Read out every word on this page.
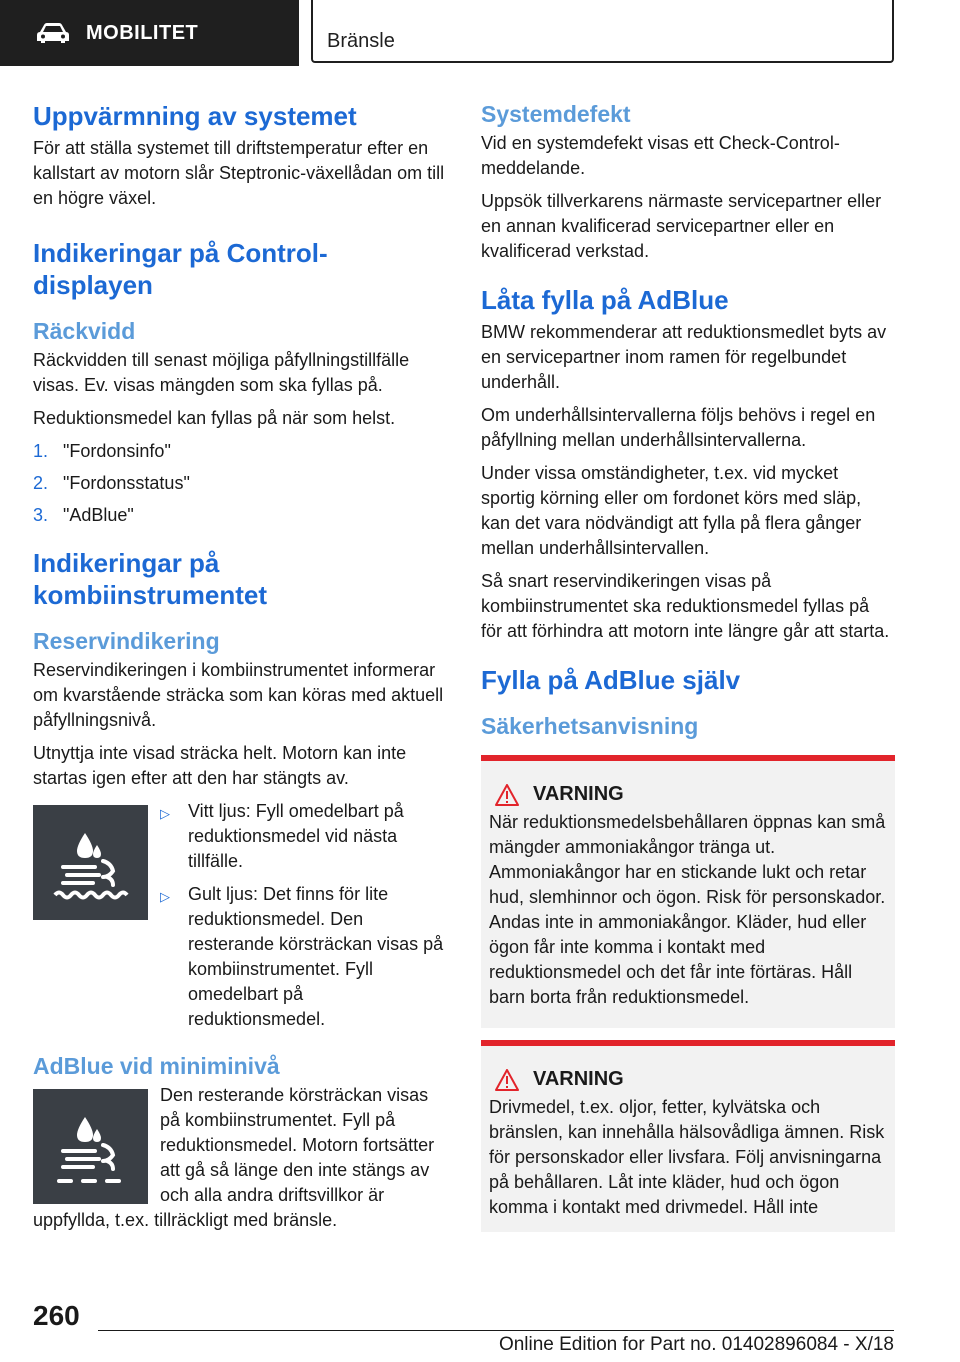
MOBILITET	Bränsle
Uppvärmning av systemet

För att ställa systemet till driftstemperatur efter en kallstart av motorn slår Steptronic-växellådan om till en högre växel.

Indikeringar på Control-displayen
Räckvidd

Räckvidden till senast möjliga påfyllningstillfälle visas. Ev. visas mängden som ska fyllas på.

Reduktionsmedel kan fyllas på när som helst.

1. "Fordonsinfo"
2. "Fordonsstatus"
3. "AdBlue"
Indikeringar på kombiinstrumentet
Reservindikering

Reservindikeringen i kombiinstrumentet informerar om kvarstående sträcka som kan köras med aktuell påfyllningsnivå.

Utnyttja inte visad sträcka helt. Motorn kan inte startas igen efter att den har stängts av.

▷	Vitt ljus: Fyll omedelbart på reduktionsmedel vid nästa tillfälle.
▷	Gult ljus: Det finns för lite reduktionsmedel. Den resterande körsträckan visas på kombiinstrumentet. Fyll omedelbart på reduktionsmedel.
AdBlue vid miniminivå

Den resterande körsträckan visas på kombiinstrumentet. Fyll på reduktionsmedel. Motorn fortsätter att gå så länge den inte stängs av och alla andra driftsvillkor är uppfyllda, t.ex. tillräckligt med bränsle.

Systemdefekt

Vid en systemdefekt visas ett Check-Control-meddelande.

Uppsök tillverkarens närmaste servicepartner eller en annan kvalificerad servicepartner eller en kvalificerad verkstad.

Låta fylla på AdBlue

BMW rekommenderar att reduktionsmedlet byts av en servicepartner inom ramen för regelbundet underhåll.

Om underhållsintervallerna följs behövs i regel en påfyllning mellan underhållsintervallerna.

Under vissa omständigheter, t.ex. vid mycket sportig körning eller om fordonet körs med släp, kan det vara nödvändigt att fylla på flera gånger mellan underhållsintervallen.

Så snart reservindikeringen visas på kombiinstrumentet ska reduktionsmedel fyllas på för att förhindra att motorn inte längre går att starta.

Fylla på AdBlue själv
Säkerhetsanvisning
VARNING

När reduktionsmedelsbehållaren öppnas kan små mängder ammoniakångor tränga ut. Ammoniakångor har en stickande lukt och retar hud, slemhinnor och ögon. Risk för personskador. Andas inte in ammoniakångor. Kläder, hud eller ögon får inte komma i kontakt med reduktionsmedel och det får inte förtäras. Håll barn borta från reduktionsmedel.

VARNING

Drivmedel, t.ex. oljor, fetter, kylvätska och bränslen, kan innehålla hälsovådliga ämnen. Risk för personskador eller livsfara. Följ anvisningarna på behållaren. Låt inte kläder, hud och ögon komma i kontakt med drivmedel. Håll inte

260
Online Edition for Part no. 01402896084 - X/18
